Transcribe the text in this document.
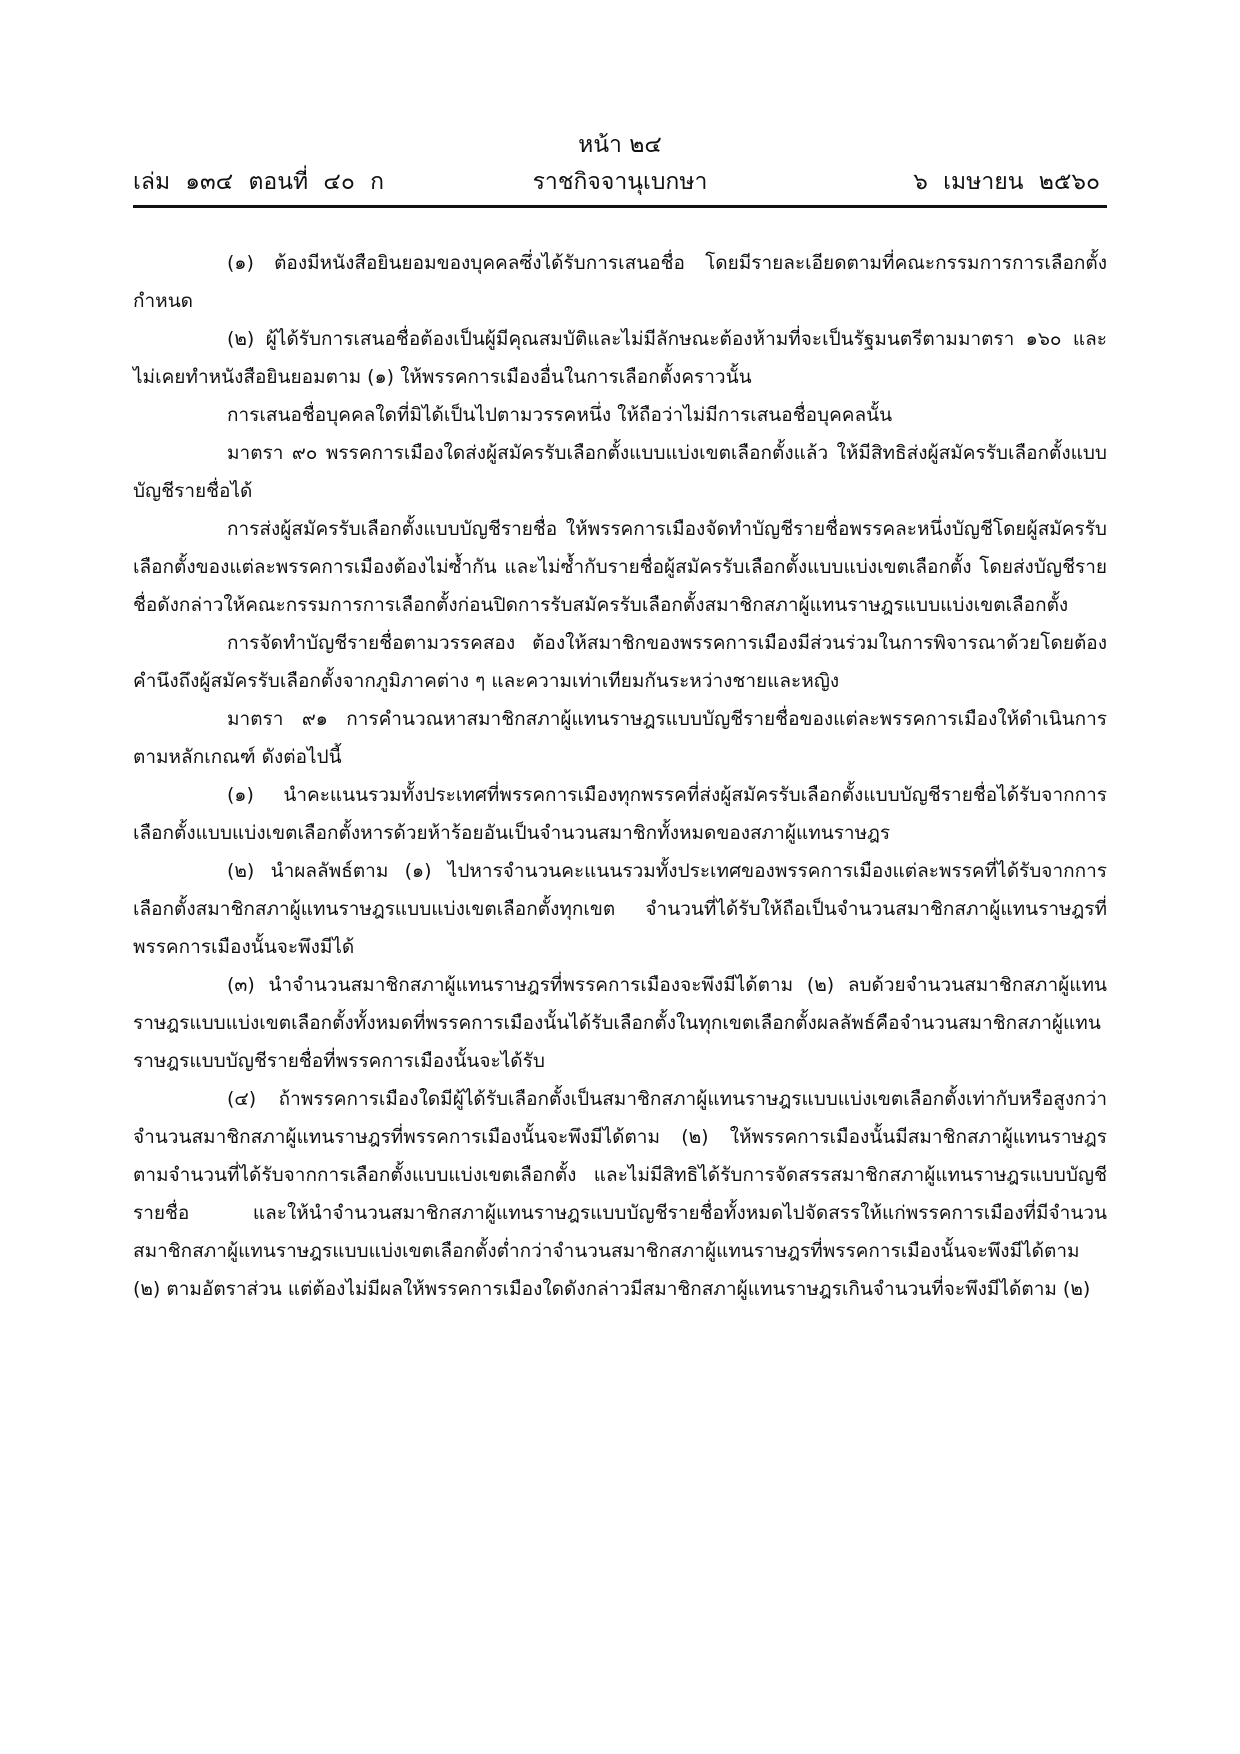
หน้า ๒๔
เล่ม ๑๓๔ ตอนที่ ๔๐ ก	ราชกิจจานุเบกษา	๖ เมษายน ๒๕๖๐

(๑) ต้องมีหนังสือยินยอมของบุคคลซึ่งได้รับการเสนอชื่อ โดยมีรายละเอียดตามที่คณะกรรมการการเลือกตั้งกำหนด

(๒) ผู้ได้รับการเสนอชื่อต้องเป็นผู้มีคุณสมบัติและไม่มีลักษณะต้องห้ามที่จะเป็นรัฐมนตรีตามมาตรา ๑๖๐ และไม่เคยทำหนังสือยินยอมตาม (๑) ให้พรรคการเมืองอื่นในการเลือกตั้งคราวนั้น

การเสนอชื่อบุคคลใดที่มิได้เป็นไปตามวรรคหนึ่ง ให้ถือว่าไม่มีการเสนอชื่อบุคคลนั้น

มาตรา ๙๐ พรรคการเมืองใดส่งผู้สมัครรับเลือกตั้งแบบแบ่งเขตเลือกตั้งแล้ว ให้มีสิทธิส่งผู้สมัครรับเลือกตั้งแบบบัญชีรายชื่อได้

การส่งผู้สมัครรับเลือกตั้งแบบบัญชีรายชื่อ ให้พรรคการเมืองจัดทำบัญชีรายชื่อพรรคละหนึ่งบัญชีโดยผู้สมัครรับเลือกตั้งของแต่ละพรรคการเมืองต้องไม่ซ้ำกัน และไม่ซ้ำกับรายชื่อผู้สมัครรับเลือกตั้งแบบแบ่งเขตเลือกตั้ง โดยส่งบัญชีรายชื่อดังกล่าวให้คณะกรรมการการเลือกตั้งก่อนปิดการรับสมัครรับเลือกตั้งสมาชิกสภาผู้แทนราษฎรแบบแบ่งเขตเลือกตั้ง

การจัดทำบัญชีรายชื่อตามวรรคสอง ต้องให้สมาชิกของพรรคการเมืองมีส่วนร่วมในการพิจารณาด้วยโดยต้องคำนึงถึงผู้สมัครรับเลือกตั้งจากภูมิภาคต่าง ๆ และความเท่าเทียมกันระหว่างชายและหญิง

มาตรา ๙๑ การคำนวณหาสมาชิกสภาผู้แทนราษฎรแบบบัญชีรายชื่อของแต่ละพรรคการเมืองให้ดำเนินการตามหลักเกณฑ์ ดังต่อไปนี้

(๑) นำคะแนนรวมทั้งประเทศที่พรรคการเมืองทุกพรรคที่ส่งผู้สมัครรับเลือกตั้งแบบบัญชีรายชื่อได้รับจากการเลือกตั้งแบบแบ่งเขตเลือกตั้งหารด้วยห้าร้อยอันเป็นจำนวนสมาชิกทั้งหมดของสภาผู้แทนราษฎร

(๒) นำผลลัพธ์ตาม (๑) ไปหารจำนวนคะแนนรวมทั้งประเทศของพรรคการเมืองแต่ละพรรคที่ได้รับจากการเลือกตั้งสมาชิกสภาผู้แทนราษฎรแบบแบ่งเขตเลือกตั้งทุกเขต จำนวนที่ได้รับให้ถือเป็นจำนวนสมาชิกสภาผู้แทนราษฎรที่พรรคการเมืองนั้นจะพึงมีได้

(๓) นำจำนวนสมาชิกสภาผู้แทนราษฎรที่พรรคการเมืองจะพึงมีได้ตาม (๒) ลบด้วยจำนวนสมาชิกสภาผู้แทนราษฎรแบบแบ่งเขตเลือกตั้งทั้งหมดที่พรรคการเมืองนั้นได้รับเลือกตั้งในทุกเขตเลือกตั้งผลลัพธ์คือจำนวนสมาชิกสภาผู้แทนราษฎรแบบบัญชีรายชื่อที่พรรคการเมืองนั้นจะได้รับ

(๔) ถ้าพรรคการเมืองใดมีผู้ได้รับเลือกตั้งเป็นสมาชิกสภาผู้แทนราษฎรแบบแบ่งเขตเลือกตั้งเท่ากับหรือสูงกว่าจำนวนสมาชิกสภาผู้แทนราษฎรที่พรรคการเมืองนั้นจะพึงมีได้ตาม (๒) ให้พรรคการเมืองนั้นมีสมาชิกสภาผู้แทนราษฎรตามจำนวนที่ได้รับจากการเลือกตั้งแบบแบ่งเขตเลือกตั้ง และไม่มีสิทธิได้รับการจัดสรรสมาชิกสภาผู้แทนราษฎรแบบบัญชีรายชื่อ และให้นำจำนวนสมาชิกสภาผู้แทนราษฎรแบบบัญชีรายชื่อทั้งหมดไปจัดสรรให้แก่พรรคการเมืองที่มีจำนวนสมาชิกสภาผู้แทนราษฎรแบบแบ่งเขตเลือกตั้งต่ำกว่าจำนวนสมาชิกสภาผู้แทนราษฎรที่พรรคการเมืองนั้นจะพึงมีได้ตาม (๒) ตามอัตราส่วน แต่ต้องไม่มีผลให้พรรคการเมืองใดดังกล่าวมีสมาชิกสภาผู้แทนราษฎรเกินจำนวนที่จะพึงมีได้ตาม (๒)
